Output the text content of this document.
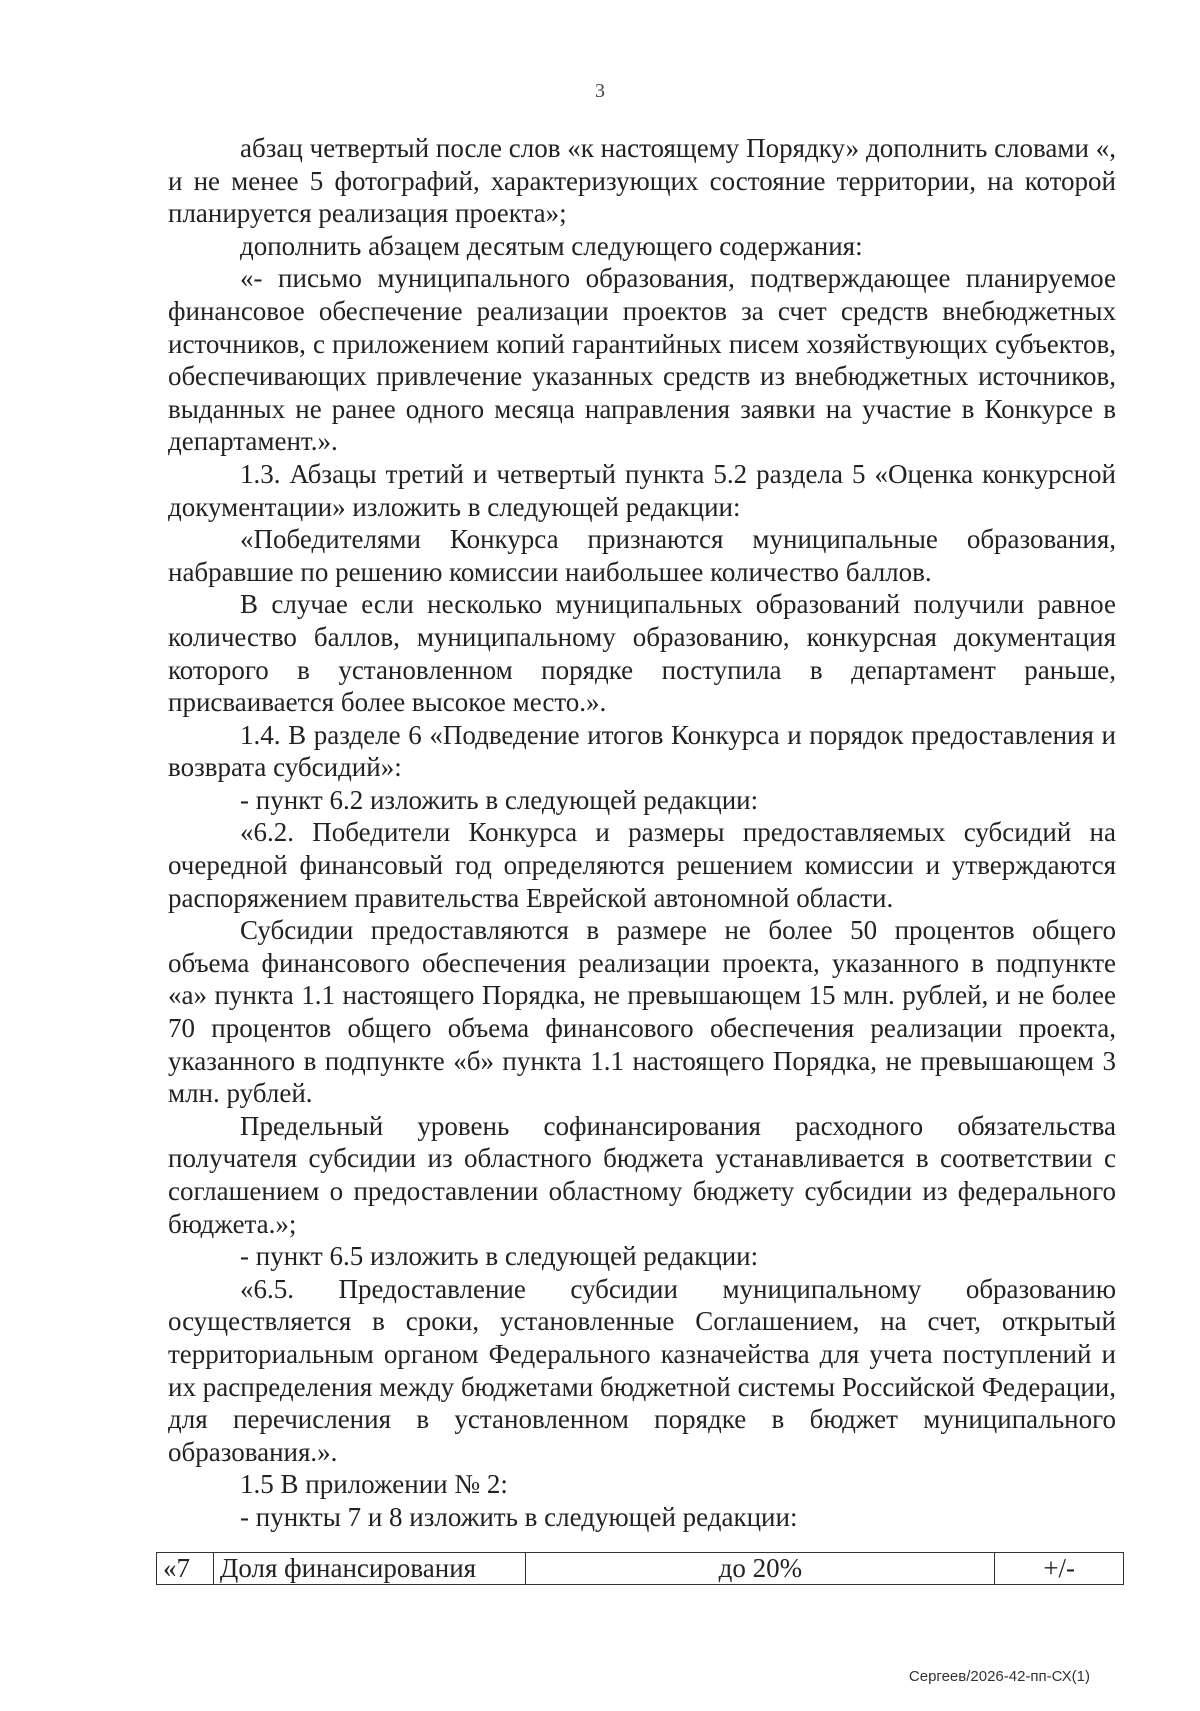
3

абзац четвертый после слов «к настоящему Порядку» дополнить словами «, и не менее 5 фотографий, характеризующих состояние территории, на которой планируется реализация проекта»;

дополнить абзацем десятым следующего содержания:

«- письмо муниципального образования, подтверждающее планируемое финансовое обеспечение реализации проектов за счет средств внебюджетных источников, с приложением копий гарантийных писем хозяйствующих субъектов, обеспечивающих привлечение указанных средств из внебюджетных источников, выданных не ранее одного месяца направления заявки на участие в Конкурсе в департамент.».

1.3. Абзацы третий и четвертый пункта 5.2 раздела 5 «Оценка конкурсной документации» изложить в следующей редакции:

«Победителями Конкурса признаются муниципальные образования, набравшие по решению комиссии наибольшее количество баллов.

В случае если несколько муниципальных образований получили равное количество баллов, муниципальному образованию, конкурсная документация которого в установленном порядке поступила в департамент раньше, присваивается более высокое место.».

1.4. В разделе 6 «Подведение итогов Конкурса и порядок предоставления и возврата субсидий»:

- пункт 6.2 изложить в следующей редакции:

«6.2. Победители Конкурса и размеры предоставляемых субсидий на очередной финансовый год определяются решением комиссии и утверждаются распоряжением правительства Еврейской автономной области.

Субсидии предоставляются в размере не более 50 процентов общего объема финансового обеспечения реализации проекта, указанного в подпункте «а» пункта 1.1 настоящего Порядка, не превышающем 15 млн. рублей, и не более 70 процентов общего объема финансового обеспечения реализации проекта, указанного в подпункте «б» пункта 1.1 настоящего Порядка, не превышающем 3 млн. рублей.

Предельный уровень софинансирования расходного обязательства получателя субсидии из областного бюджета устанавливается в соответствии с соглашением о предоставлении областному бюджету субсидии из федерального бюджета.»;

- пункт 6.5 изложить в следующей редакции:

«6.5. Предоставление субсидии муниципальному образованию осуществляется в сроки, установленные Соглашением, на счет, открытый территориальным органом Федерального казначейства для учета поступлений и их распределения между бюджетами бюджетной системы Российской Федерации, для перечисления в установленном порядке в бюджет муниципального образования.».

1.5 В приложении № 2:

- пункты 7 и 8 изложить в следующей редакции:

«7	Доля финансирования	до 20%	+/-
Сергеев/2026-42-пп-СХ(1)
